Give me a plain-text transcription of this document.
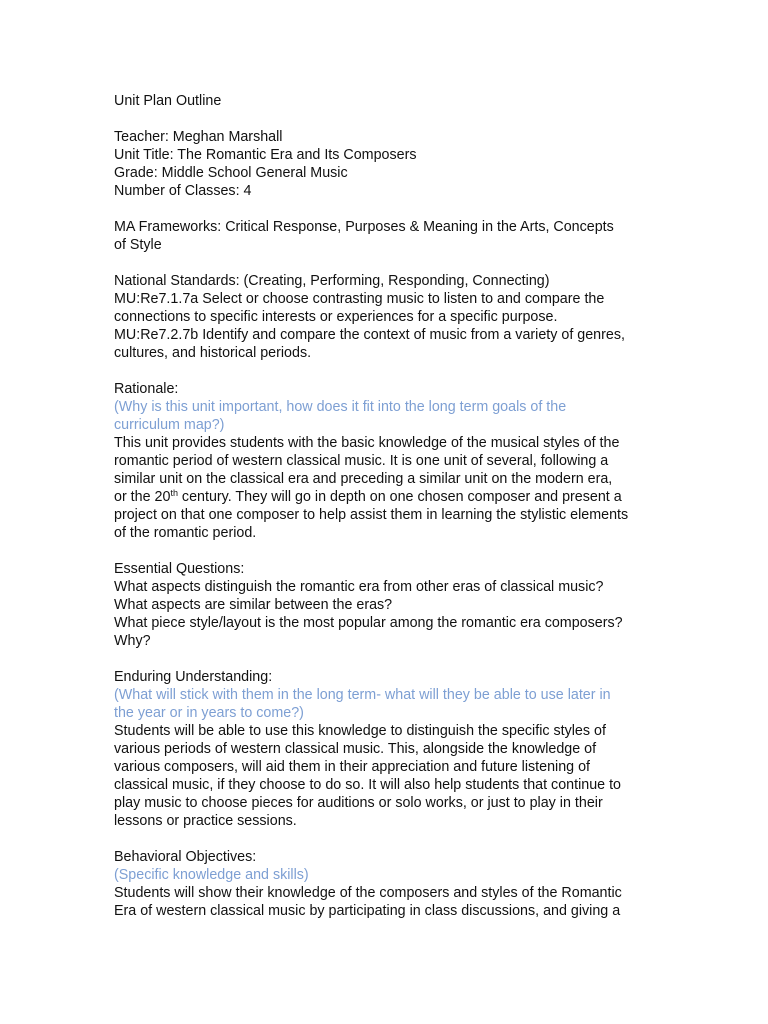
Unit Plan Outline
Teacher: Meghan Marshall
Unit Title: The Romantic Era and Its Composers
Grade: Middle School General Music
Number of Classes: 4
MA Frameworks: Critical Response, Purposes & Meaning in the Arts, Concepts
of Style
National Standards: (Creating, Performing, Responding, Connecting)
MU:Re7.1.7a Select or choose contrasting music to listen to and compare the
connections to specific interests or experiences for a specific purpose.
MU:Re7.2.7b Identify and compare the context of music from a variety of genres,
cultures, and historical periods.
Rationale:
(Why is this unit important, how does it fit into the long term goals of the
curriculum map?)
This unit provides students with the basic knowledge of the musical styles of the
romantic period of western classical music. It is one unit of several, following a
similar unit on the classical era and preceding a similar unit on the modern era,
or the 20th century. They will go in depth on one chosen composer and present a
project on that one composer to help assist them in learning the stylistic elements
of the romantic period.
Essential Questions:
What aspects distinguish the romantic era from other eras of classical music?
What aspects are similar between the eras?
What piece style/layout is the most popular among the romantic era composers?
Why?
Enduring Understanding:
(What will stick with them in the long term- what will they be able to use later in
the year or in years to come?)
Students will be able to use this knowledge to distinguish the specific styles of
various periods of western classical music. This, alongside the knowledge of
various composers, will aid them in their appreciation and future listening of
classical music, if they choose to do so. It will also help students that continue to
play music to choose pieces for auditions or solo works, or just to play in their
lessons or practice sessions.
Behavioral Objectives:
(Specific knowledge and skills)
Students will show their knowledge of the composers and styles of the Romantic
Era of western classical music by participating in class discussions, and giving a
